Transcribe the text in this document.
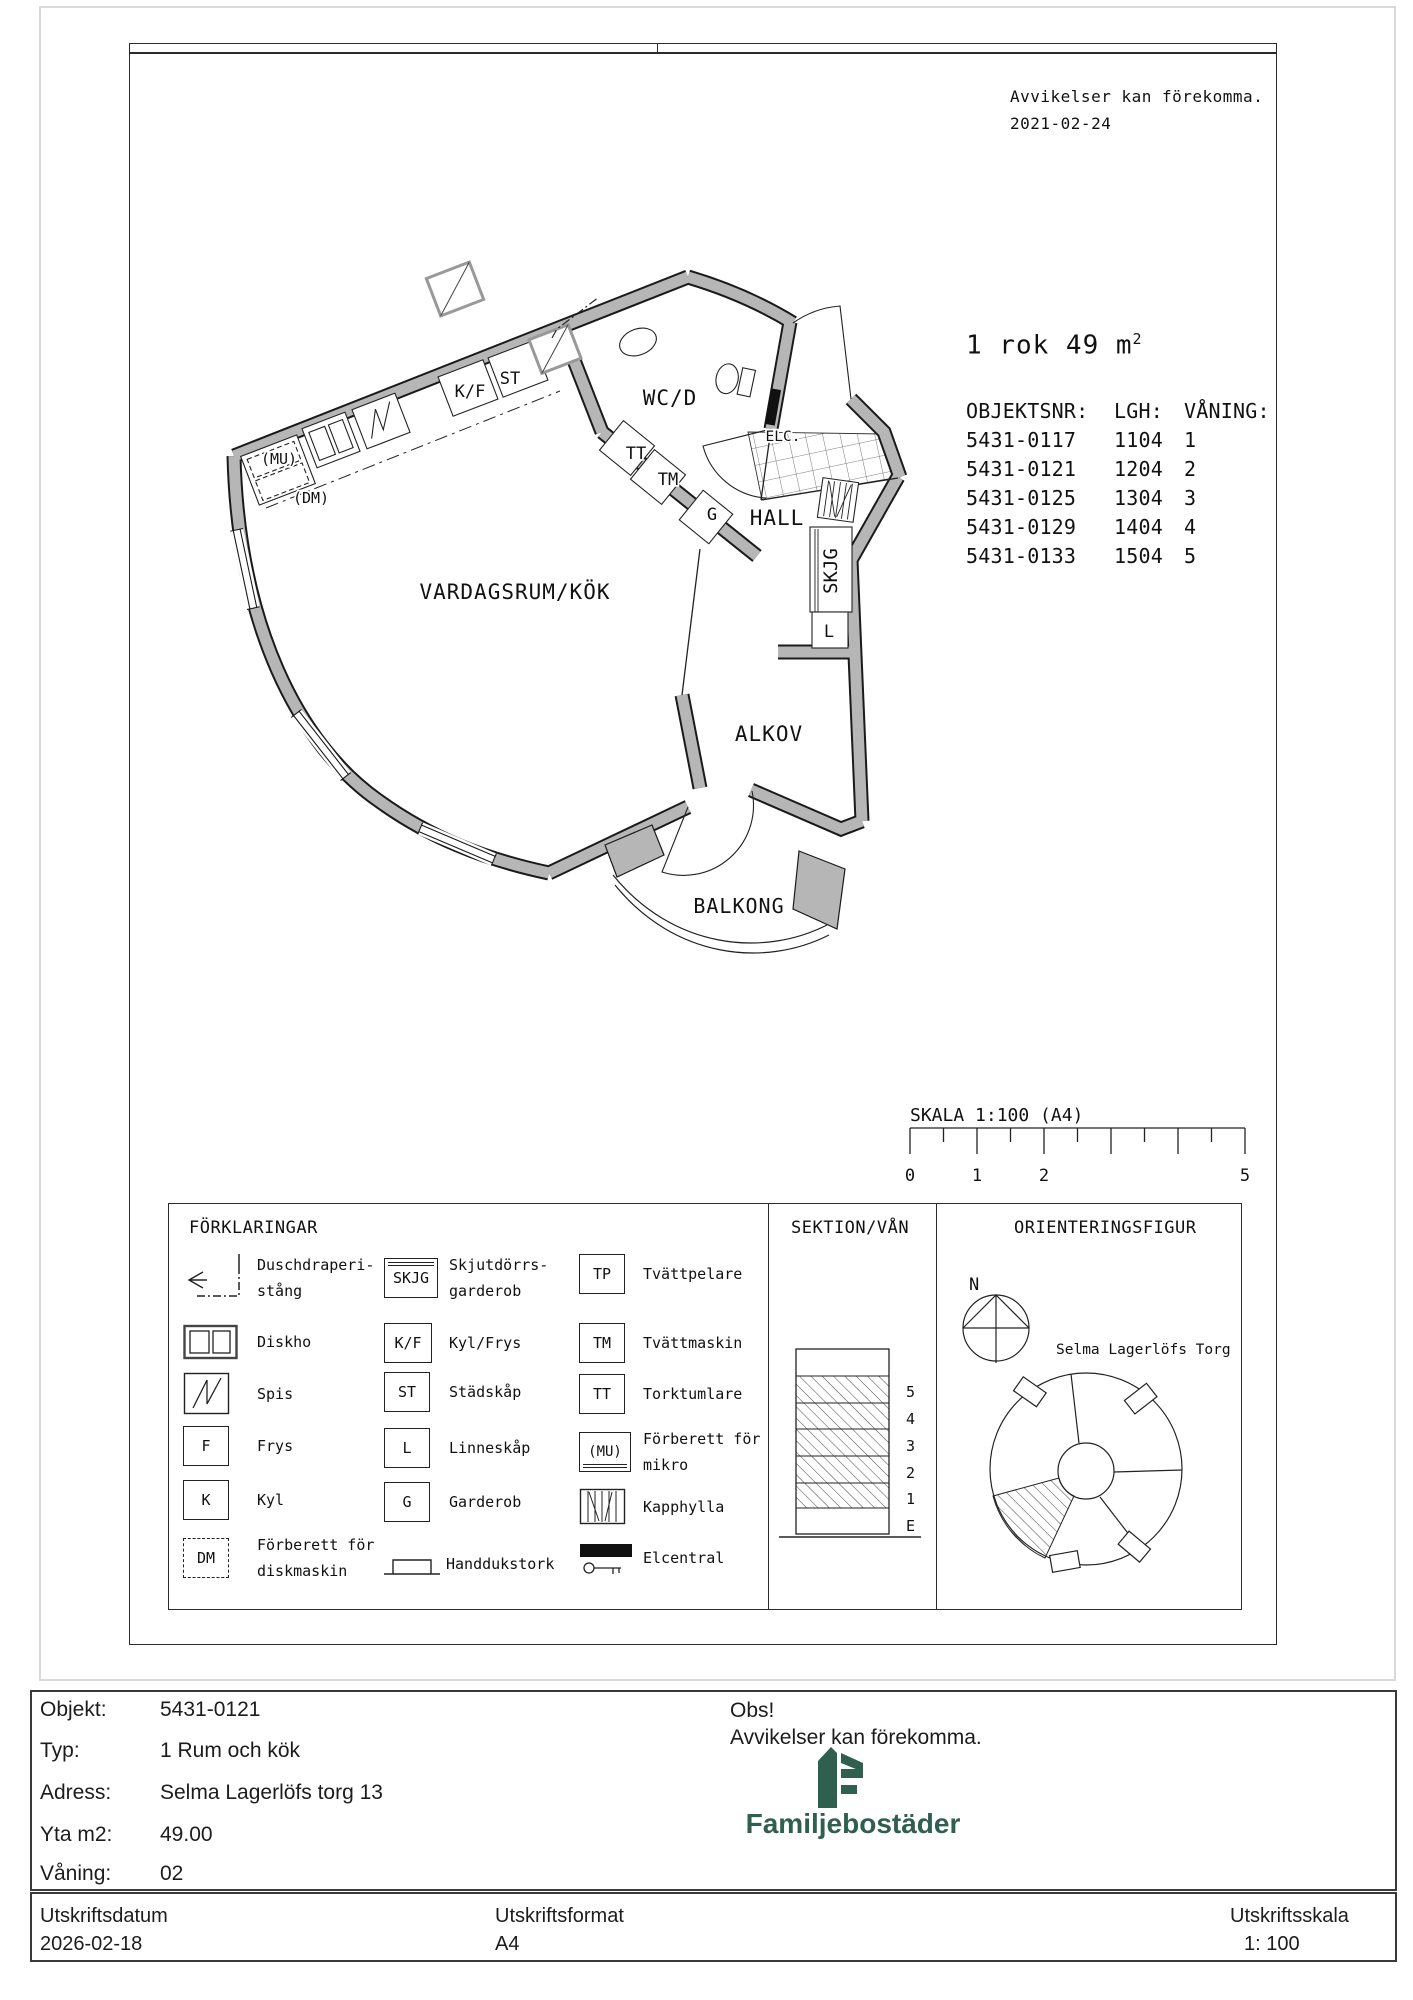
Avvikelser kan förekomma.
2021-02-24
VARDAGSRUM/KÖK
WC/D
HALL
ALKOV
BALKONG
(MU)
(DM)
K/F
ST
TT
TM
G
ELC.
SKJG
L
1 rok 49 $m^2$
OBJEKTSNR:	LGH:	VÅNING:
5431-0117	1104	1
5431-0121	1204	2
5431-0125	1304	3
5431-0129	1404	4
5431-0133	1504	5
SKALA 1:100 (A4)
0	1	2	5
FÖRKLARINGAR	SEKTION/VÅN	ORIENTERINGSFIGUR
Duschdraperi-
stång
Diskho
Spis
F	Frys
K	Kyl
DM
Förberett för
diskmaskin
SKJG
Skjutdörrs-
garderob
K/F	Kyl/Frys
ST	Städskåp
L	Linneskåp
G	Garderob
Handdukstork
TP	Tvättpelare
TM	Tvättmaskin
TT	Torktumlare
(MU)
Förberett för
mikro
Kapphylla
Elcentral
5
4
3
2
1
E
N
Selma Lagerlöfs Torg
Objekt:	5431-0121
Typ:	1 Rum och kök
Adress: Selma Lagerlöfs torg 13
Yta m2: 49.00
Våning: 02
Obs!
Avvikelser kan förekomma.
Familjebostäder
Utskriftsdatum
2026-02-18
Utskriftsformat
A4
Utskriftsskala
1: 100
